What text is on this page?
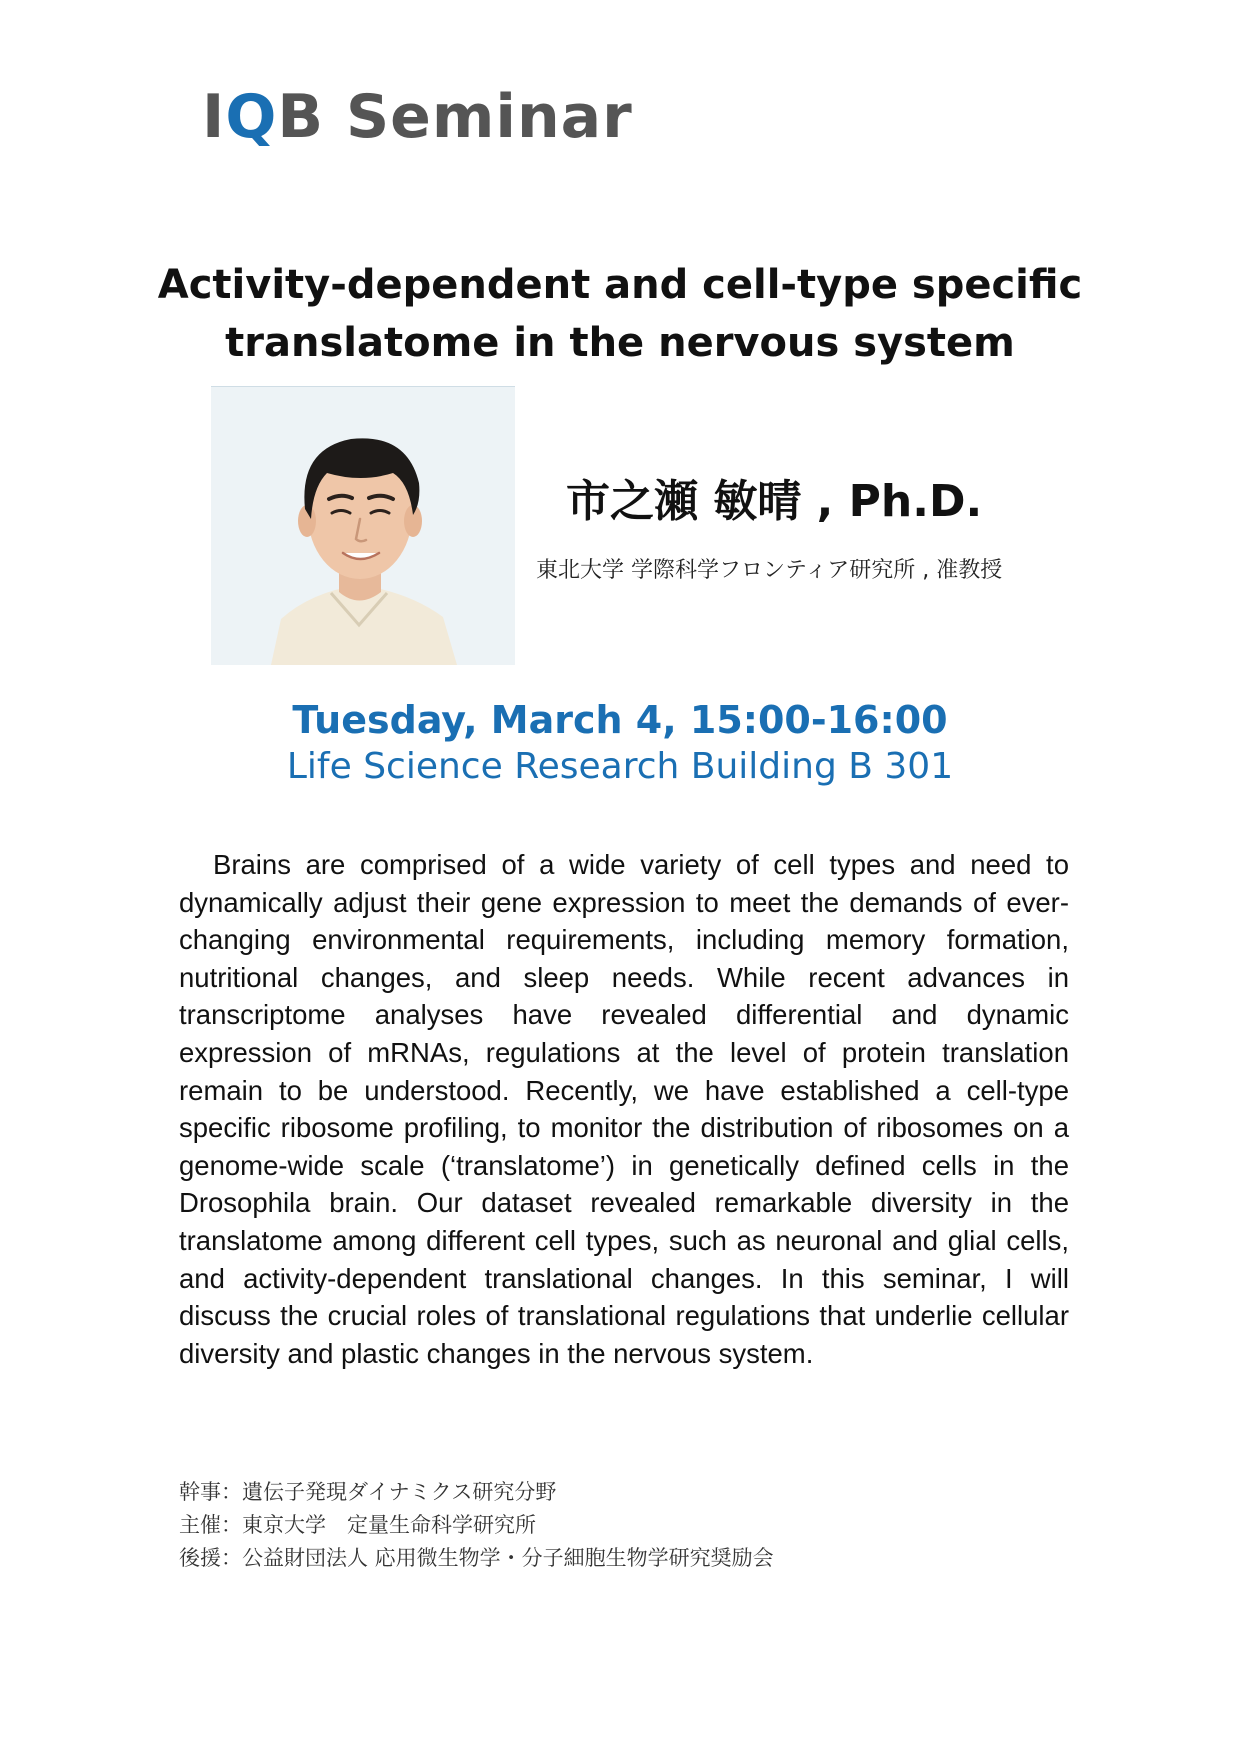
IQB Seminar
Activity-dependent and cell-type specific
translatome in the nervous system
市之瀬 敏晴 , Ph.D.
東北大学 学際科学フロンティア研究所 , 准教授
Tuesday, March 4, 15:00-16:00
Life Science Research Building B 301

Brains are comprised of a wide variety of cell types and need to dynamically adjust their gene expression to meet the demands of ever-changing environmental requirements, including memory formation, nutritional changes, and sleep needs. While recent advances in transcriptome analyses have revealed differential and dynamic expression of mRNAs, regulations at the level of protein translation remain to be understood. Recently, we have established a cell-type specific ribosome profiling, to monitor the distribution of ribosomes on a genome-wide scale (‘translatome’) in genetically defined cells in the Drosophila brain. Our dataset revealed remarkable diversity in the translatome among different cell types, such as neuronal and glial cells, and activity-dependent translational changes. In this seminar, I will discuss the crucial roles of translational regulations that underlie cellular diversity and plastic changes in the nervous system.

幹事：遺伝子発現ダイナミクス研究分野
主催：東京大学　定量生命科学研究所
後援：公益財団法人 応用微生物学・分子細胞生物学研究奨励会
